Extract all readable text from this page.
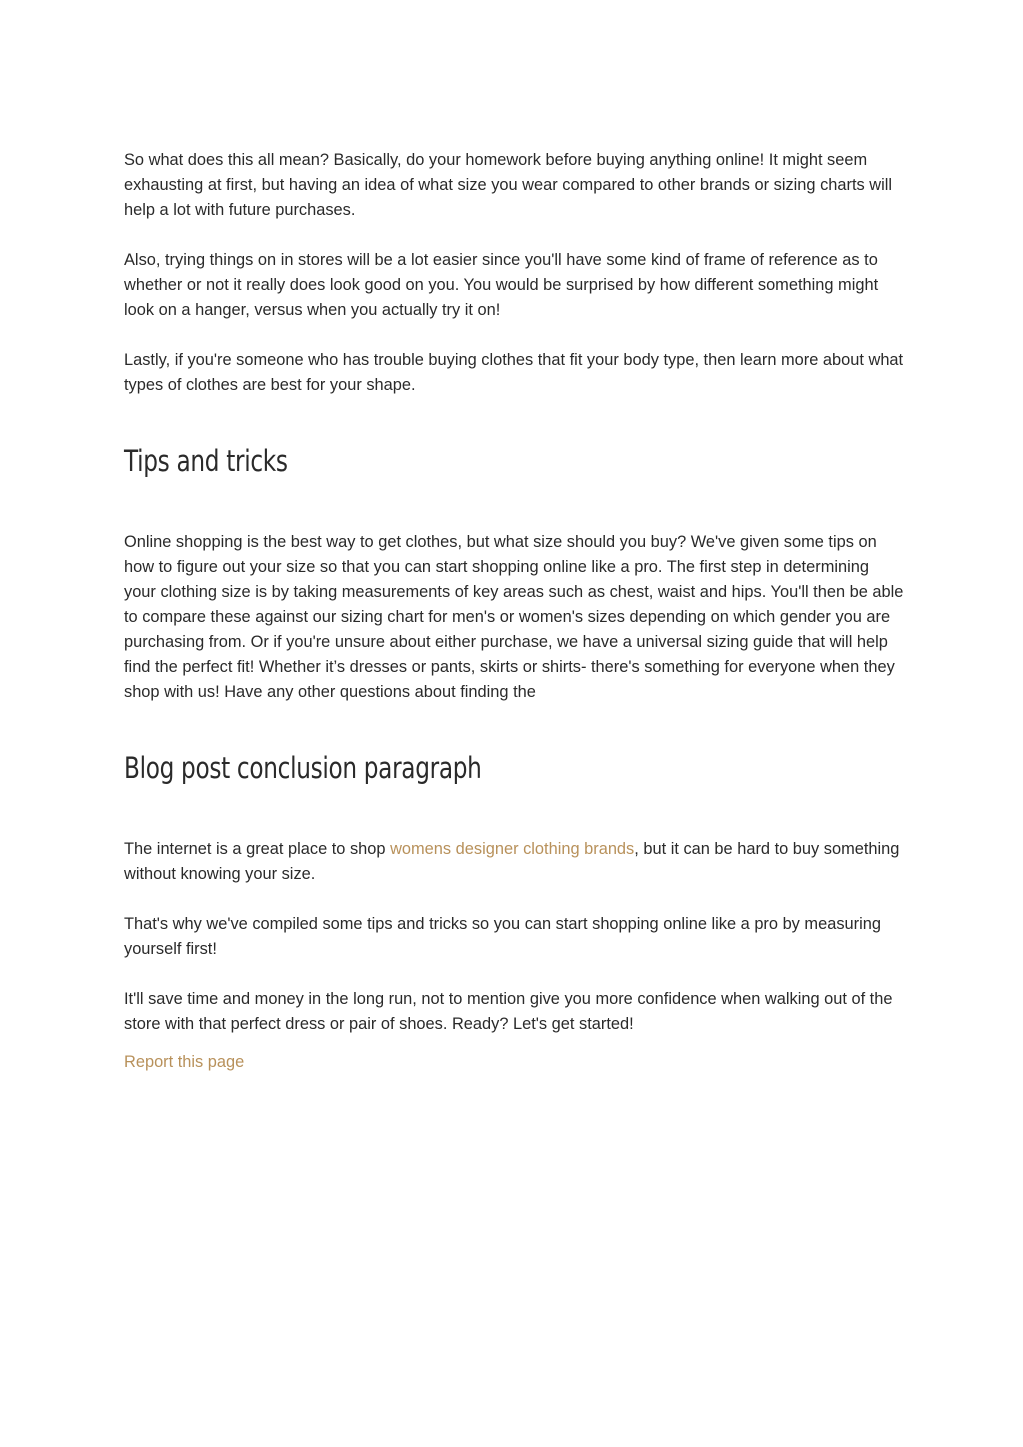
So what does this all mean? Basically, do your homework before buying anything online! It might seem exhausting at first, but having an idea of what size you wear compared to other brands or sizing charts will help a lot with future purchases.

Also, trying things on in stores will be a lot easier since you'll have some kind of frame of reference as to whether or not it really does look good on you. You would be surprised by how different something might look on a hanger, versus when you actually try it on!

Lastly, if you're someone who has trouble buying clothes that fit your body type, then learn more about what types of clothes are best for your shape.

Tips and tricks

Online shopping is the best way to get clothes, but what size should you buy? We've given some tips on how to figure out your size so that you can start shopping online like a pro. The first step in determining your clothing size is by taking measurements of key areas such as chest, waist and hips. You'll then be able to compare these against our sizing chart for men's or women's sizes depending on which gender you are purchasing from. Or if you're unsure about either purchase, we have a universal sizing guide that will help find the perfect fit! Whether it’s dresses or pants, skirts or shirts- there's something for everyone when they shop with us! Have any other questions about finding the

Blog post conclusion paragraph

The internet is a great place to shop womens designer clothing brands, but it can be hard to buy something without knowing your size.

That's why we've compiled some tips and tricks so you can start shopping online like a pro by measuring yourself first!

It'll save time and money in the long run, not to mention give you more confidence when walking out of the store with that perfect dress or pair of shoes. Ready? Let's get started!

Report this page
